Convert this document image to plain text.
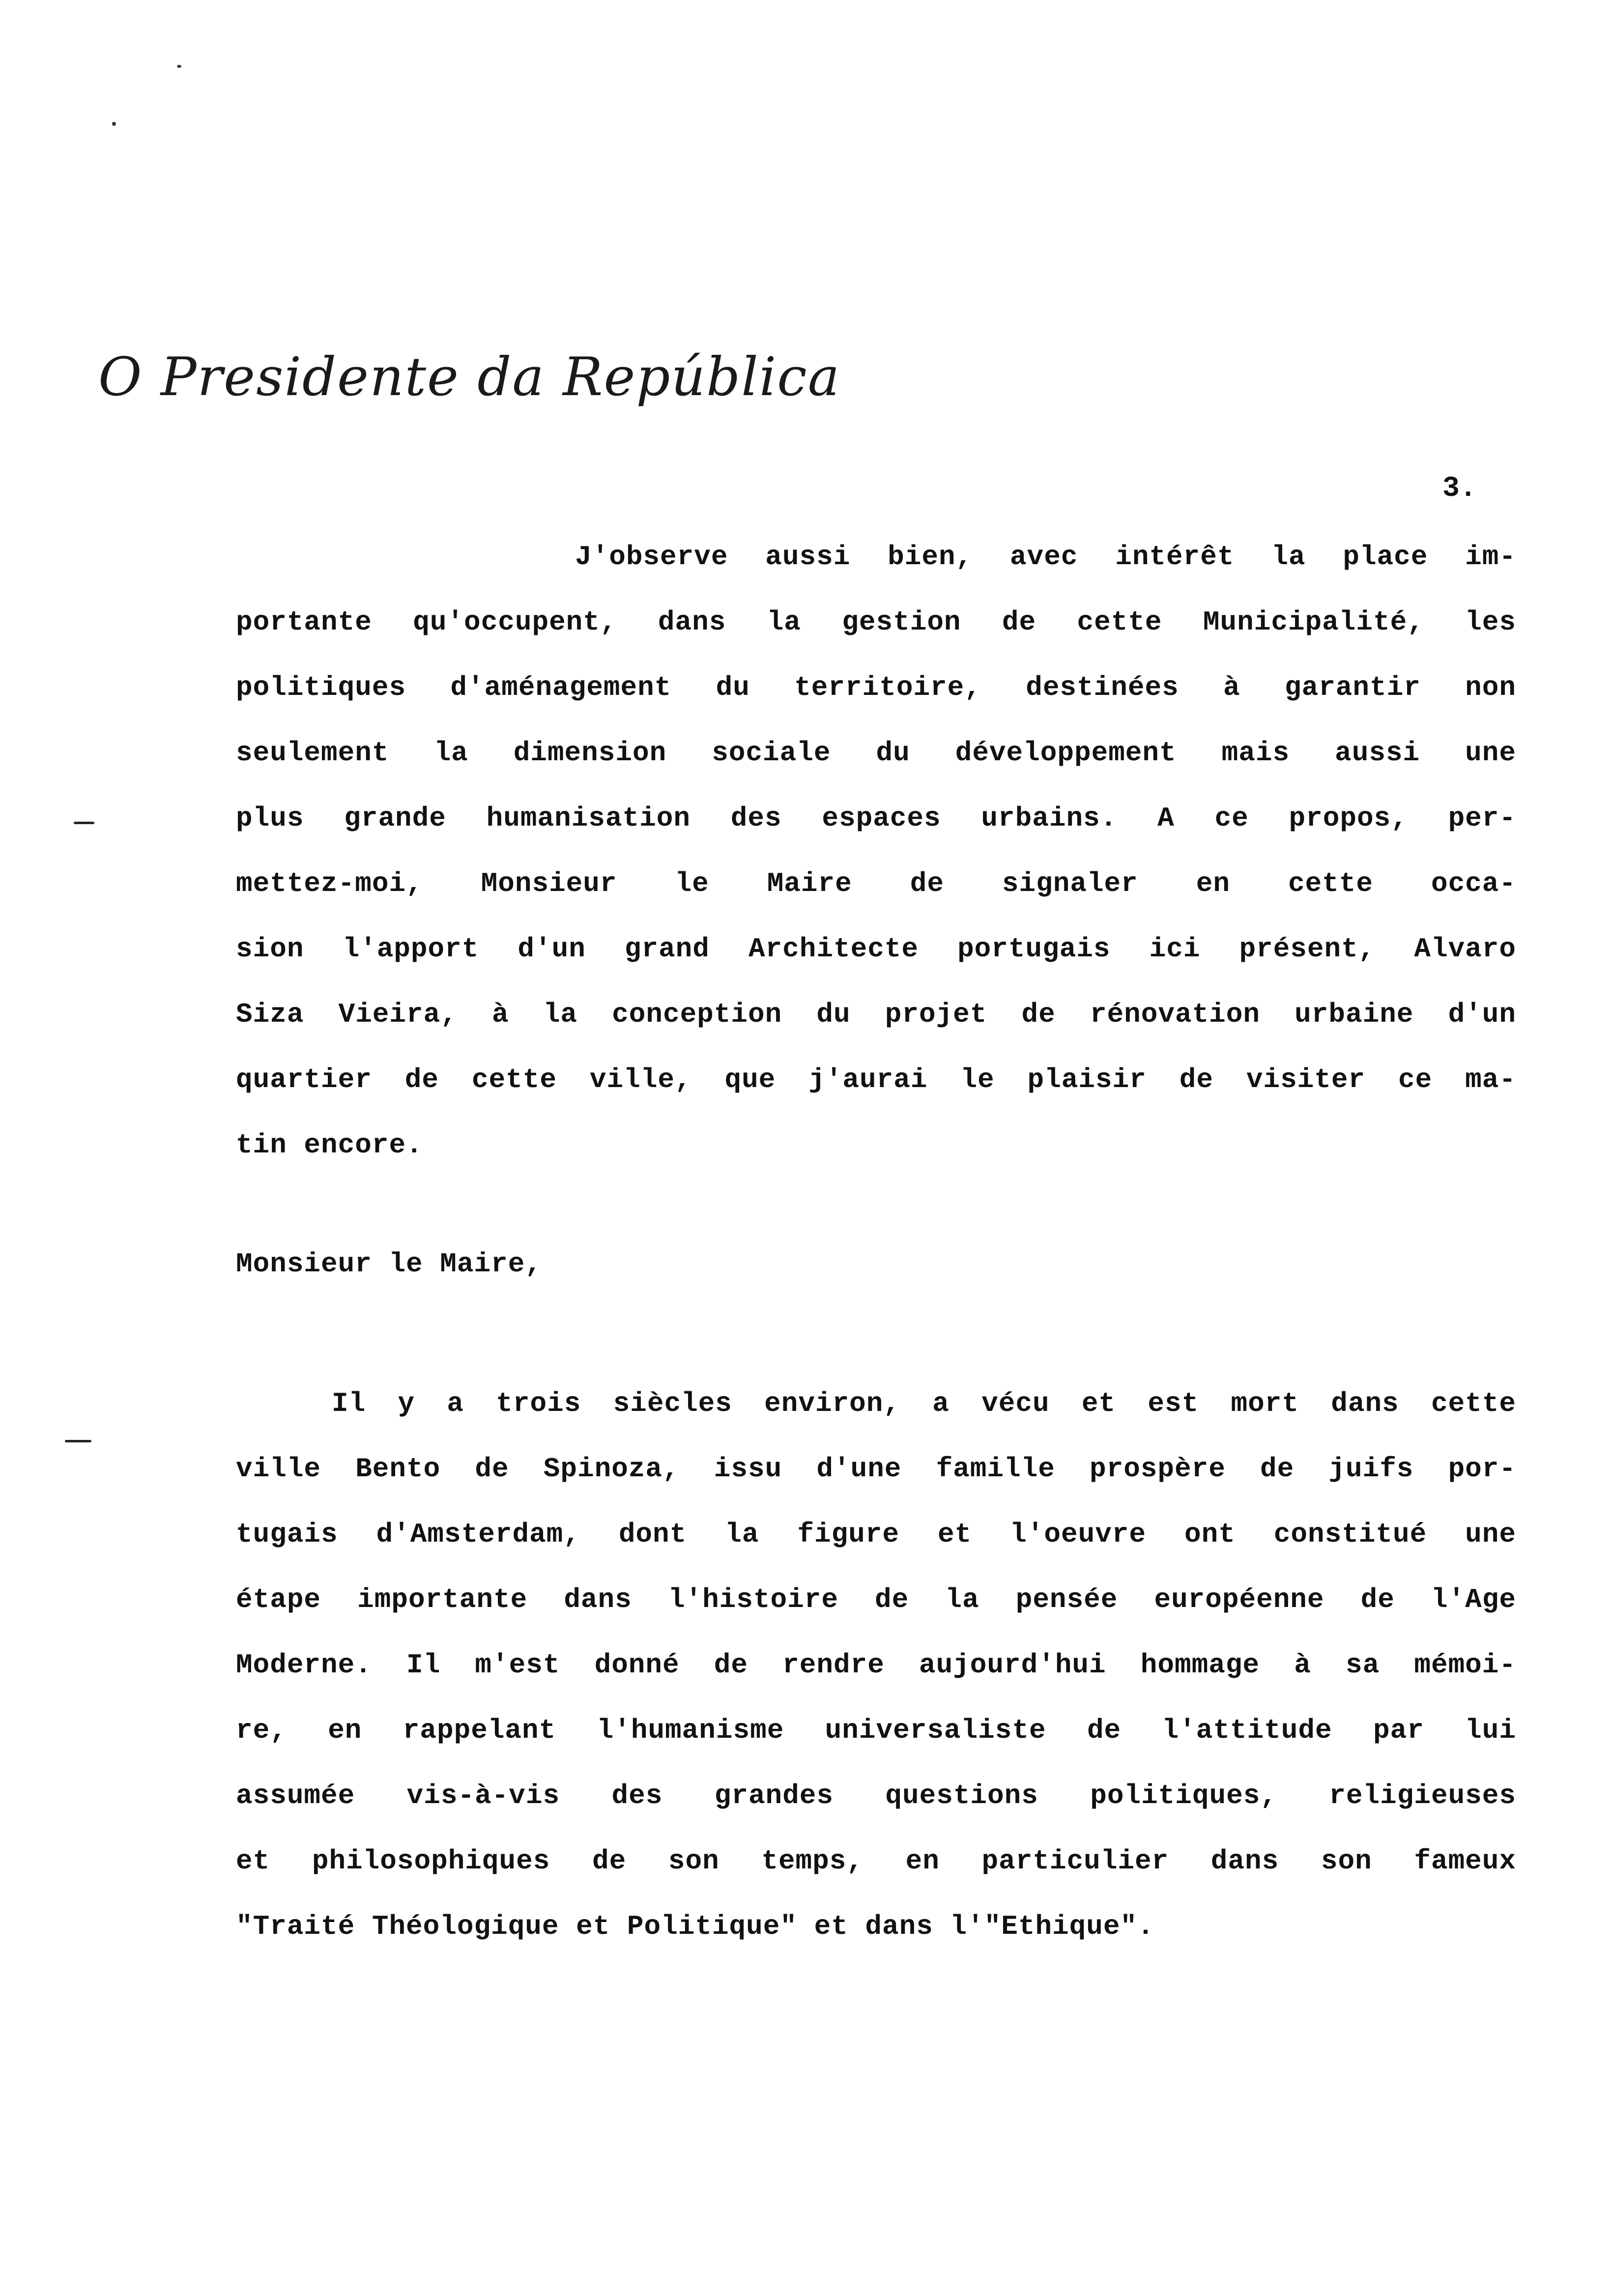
O Presidente da República
3.
J'observe aussi bien, avec intérêt la place im-
portante qu'occupent, dans la gestion de cette Municipalité, les
politiques d'aménagement du territoire, destinées à garantir non
seulement la dimension sociale du développement mais aussi une
plus grande humanisation des espaces urbains. A ce propos, per-
mettez-moi, Monsieur le Maire de signaler en cette occa-
sion l'apport d'un grand Architecte portugais ici présent, Alvaro
Siza Vieira, à la conception du projet de rénovation urbaine d'un
quartier de cette ville, que j'aurai le plaisir de visiter ce ma-
tin encore.
Monsieur le Maire,
Il y a trois siècles environ, a vécu et est mort dans cette
ville Bento de Spinoza, issu d'une famille prospère de juifs por-
tugais d'Amsterdam, dont la figure et l'oeuvre ont constitué une
étape importante dans l'histoire de la pensée européenne de l'Age
Moderne. Il m'est donné de rendre aujourd'hui hommage à sa mémoi-
re, en rappelant l'humanisme universaliste de l'attitude par lui
assumée vis-à-vis des grandes questions politiques, religieuses
et philosophiques de son temps, en particulier dans son fameux
"Traité Théologique et Politique" et dans l'"Ethique".
